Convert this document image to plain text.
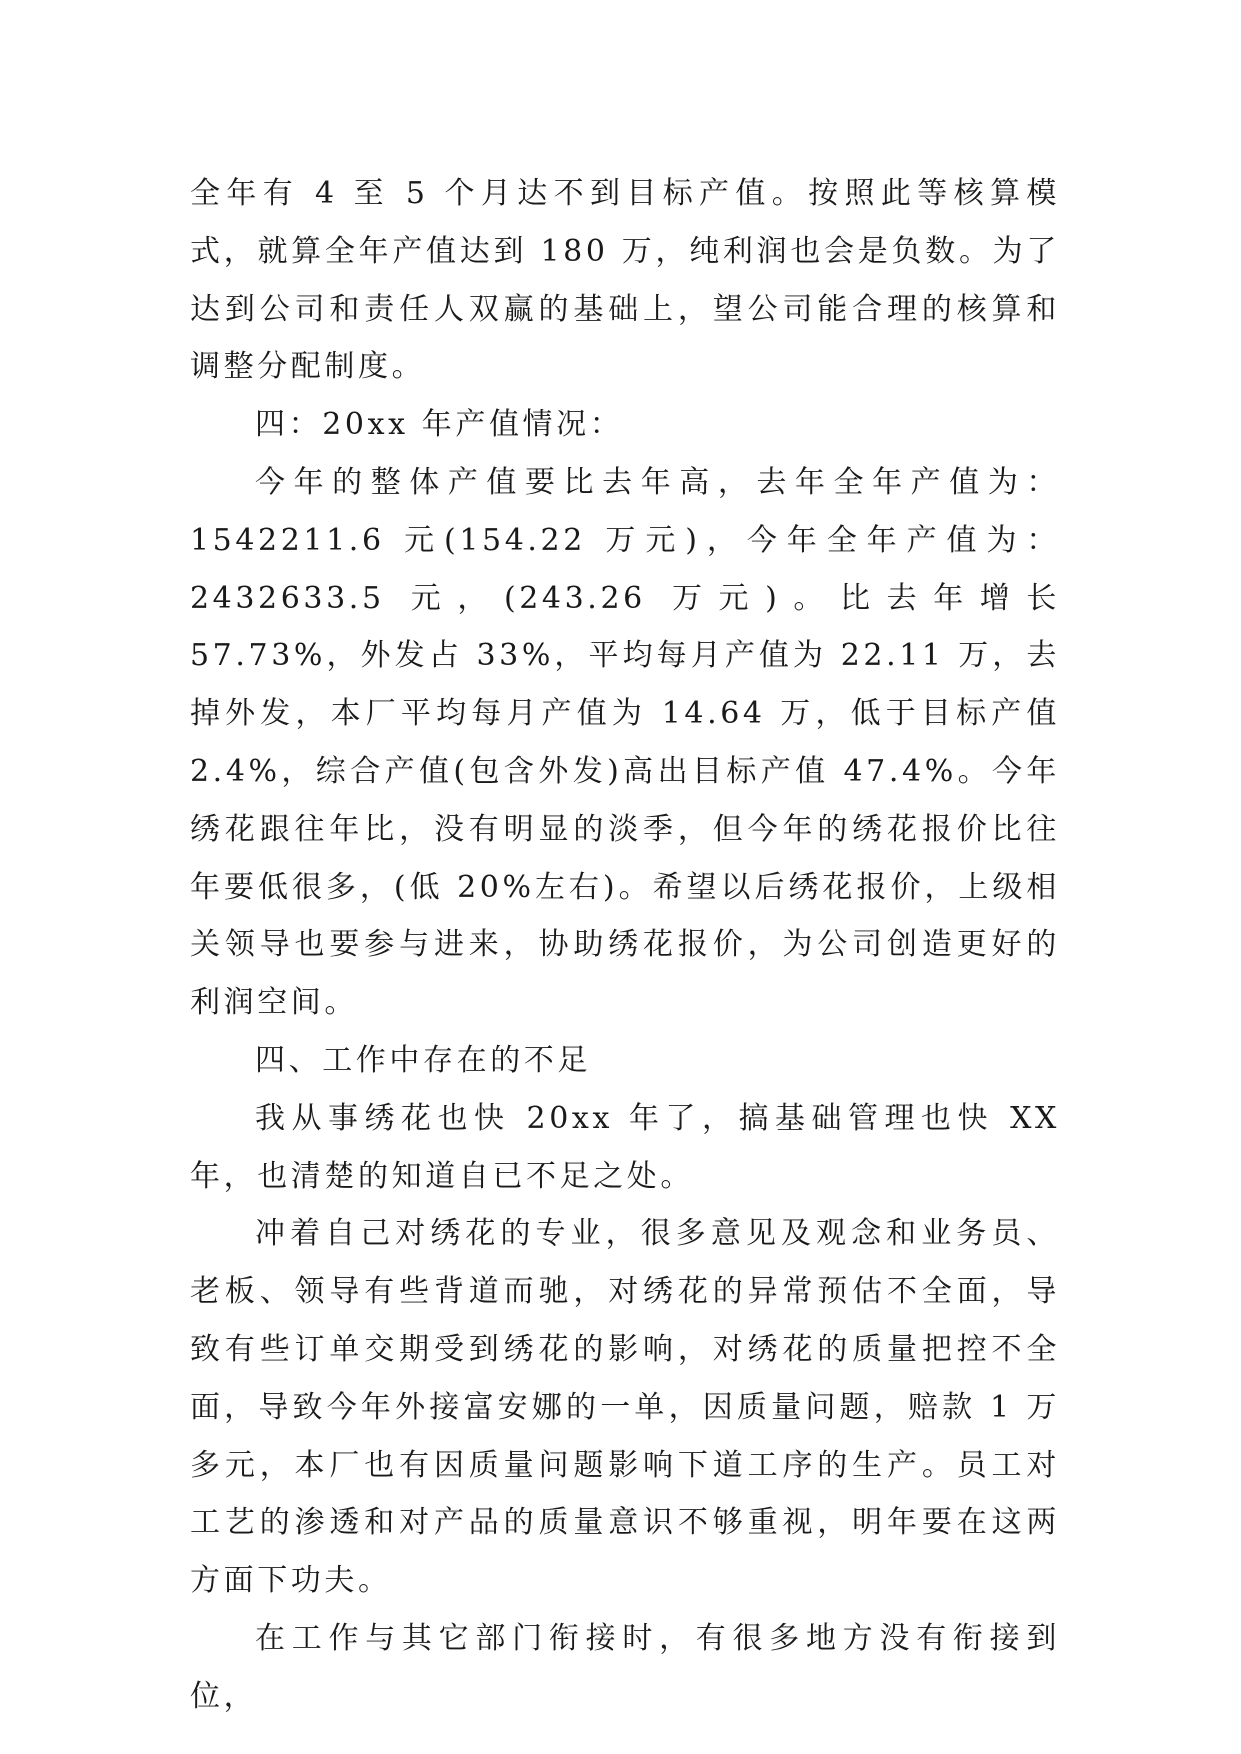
全年有 4 至 5 个月达不到目标产值。按照此等核算模式，就算全年产值达到 180 万，纯利润也会是负数。为了达到公司和责任人双赢的基础上，望公司能合理的核算和调整分配制度。

四：20xx 年产值情况：

今年的整体产值要比去年高，去年全年产值为：1542211.6 元(154.22 万元)，今年全年产值为：2432633.5 元，(243.26 万元)。比去年增长 57.73%，外发占 33%，平均每月产值为 22.11 万，去掉外发，本厂平均每月产值为 14.64 万，低于目标产值 2.4%，综合产值(包含外发)高出目标产值 47.4%。今年绣花跟往年比，没有明显的淡季，但今年的绣花报价比往年要低很多，(低 20%左右)。希望以后绣花报价，上级相关领导也要参与进来，协助绣花报价，为公司创造更好的利润空间。

四、工作中存在的不足

我从事绣花也快 20xx 年了，搞基础管理也快 XX 年，也清楚的知道自已不足之处。

冲着自己对绣花的专业，很多意见及观念和业务员、老板、领导有些背道而驰，对绣花的异常预估不全面，导致有些订单交期受到绣花的影响，对绣花的质量把控不全面，导致今年外接富安娜的一单，因质量问题，赔款 1 万多元，本厂也有因质量问题影响下道工序的生产。员工对工艺的渗透和对产品的质量意识不够重视，明年要在这两方面下功夫。

在工作与其它部门衔接时，有很多地方没有衔接到位，
